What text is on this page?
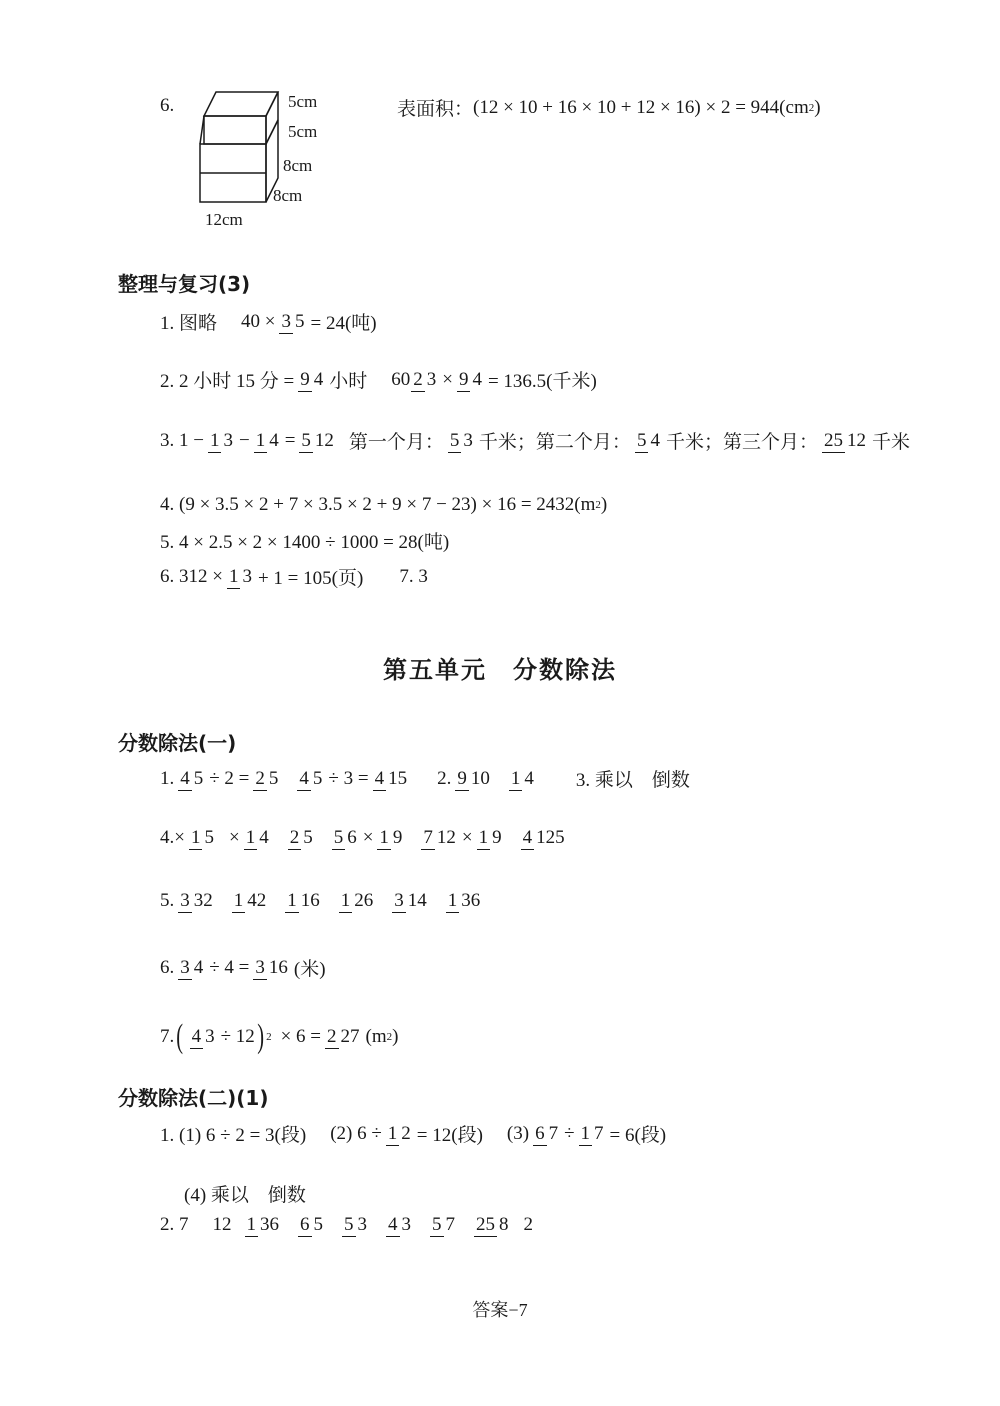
6.	5cm
5cm
8cm
8cm
12cm
表面积： (12 × 10 + 16 × 10 + 12 × 16) × 2 = 944(cm 2 )
整理与复习(3)
1. 图略 40 × 3 5 = 24(吨)
2. 2 小时 15 分 = 9 4 小时 60 2 3 × 9 4 = 136.5(千米)
3. 1 − 1 3 − 1 4 = 5 12 第一个月： 5 3 千米；第二个月： 5 4 千米；第三个月： 25 12 千米
4. (9 × 3.5 × 2 + 7 × 3.5 × 2 + 9 × 7 − 23) × 16 = 2432(m 2 )
5. 4 × 2.5 × 2 × 1400 ÷ 1000 = 28(吨)
6. 312 × 1 3 + 1 = 105(页) 7. 3
第五单元　分数除法
分数除法(一)
1. 4 5 ÷ 2 = 2 5 4 5 ÷ 3 = 4 15 2. 9 10 1 4 3. 乘以　倒数
4. × 1 5 × 1 4 2 5 5 6 × 1 9 7 12 × 1 9 4 125
5. 3 32 1 42 1 16 1 26 3 14 1 36
6. 3 4 ÷ 4 = 3 16 (米)
7. ( 4 3 ÷ 12 ) 2 × 6 = 2 27 (m 2 )
分数除法(二)(1)
1. (1) 6 ÷ 2 = 3(段) (2) 6 ÷ 1 2 = 12(段) (3) 6 7 ÷ 1 7 = 6(段)
(4) 乘以　倒数
2. 7 12 1 36 6 5 5 3 4 3 5 7 25 8 2
答案−7
